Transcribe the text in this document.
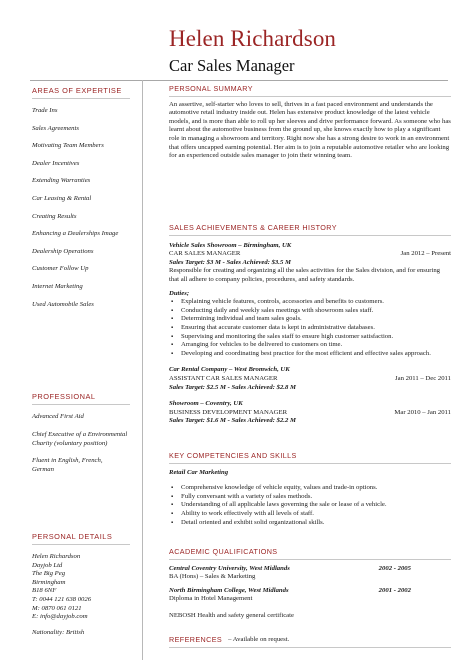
Helen Richardson
Car Sales Manager
AREAS OF EXPERTISE
Trade Ins
Sales Agreements
Motivating Team Members
Dealer Incentives
Extending Warranties
Car Leasing & Rental
Creating Results
Enhancing a Dealerships Image
Dealership Operations
Customer Follow Up
Internet Marketing
Used Automobile Sales
PROFESSIONAL
Advanced First Aid
Chief Executive of a Environmental Charity (voluntary position)
Fluent in English, French, German
PERSONAL DETAILS
Helen Richardson
Dayjob Ltd
The Big Peg
Birmingham
B18 6NF
T: 0044 121 638 0026
M: 0870 061 0121
E: info@dayjob.com
Nationality: British
PERSONAL SUMMARY

An assertive, self-starter who loves to sell, thrives in a fast paced environment and understands the automotive retail industry inside out. Helen has extensive product knowledge of the latest vehicle models, and is more than able to roll up her sleeves and drive performance forward. As someone who has learnt about the automotive business from the ground up, she knows exactly how to play a significant role in managing a showroom and territory. Right now she has a strong desire to work in an environment that offers uncapped earning potential. Her aim is to join a reputable automotive retailer who are looking for an experienced outside sales manager to join their winning team.

SALES ACHIEVEMENTS & CAREER HISTORY
Vehicle Sales Showroom – Birmingham, UK
CAR SALES MANAGER	Jan 2012 – Present
Sales Target: $3 M - Sales Achieved: $3.5 M

Responsible for creating and organizing all the sales activities for the Sales division, and for ensuring that all adhere to company policies, procedures, and safety standards.

Duties;
▪ Explaining vehicle features, controls, accessories and benefits to customers.
▪ Conducting daily and weekly sales meetings with showroom sales staff.
▪ Determining individual and team sales goals.
▪ Ensuring that accurate customer data is kept in administrative databases.
▪ Supervising and monitoring the sales staff to ensure high customer satisfaction.
▪ Arranging for vehicles to be delivered to customers on time.
▪ Developing and coordinating best practice for the most efficient and effective sales approach.
Car Rental Company – West Bromwich, UK
ASSISTANT CAR SALES MANAGER	Jan 2011 – Dec 2011
Sales Target: $2.5 M - Sales Achieved: $2.8 M
Showroom – Coventry, UK
BUSINESS DEVELOPMENT MANAGER	Mar 2010 – Jan 2011
Sales Target: $1.6 M - Sales Achieved: $2.2 M
KEY COMPETENCIES AND SKILLS
Retail Car Marketing
▪ Comprehensive knowledge of vehicle equity, values and trade-in options.
▪ Fully conversant with a variety of sales methods.
▪ Understanding of all applicable laws governing the sale or lease of a vehicle.
▪ Ability to work effectively with all levels of staff.
▪ Detail oriented and exhibit solid organizational skills.
ACADEMIC QUALIFICATIONS
Central Coventry University, West Midlands	2002 - 2005
BA (Hons) – Sales & Marketing
North Birmingham College, West Midlands	2001 - 2002
Diploma in Hotel Management
NEBOSH Health and safety general certificate
REFERENCES – Available on request.
